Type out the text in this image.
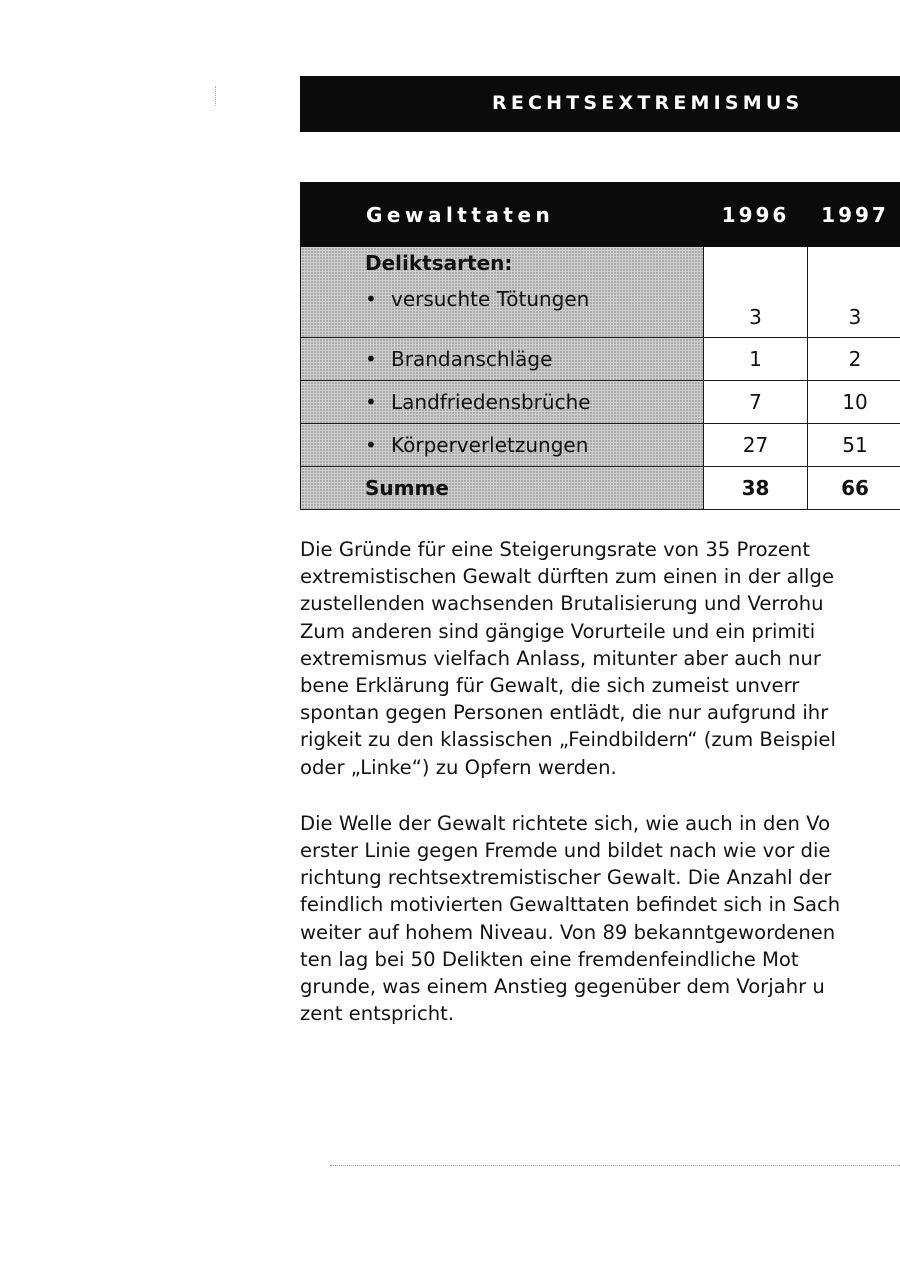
RECHTSEXTREMISMUS
Gewalttaten	1996	1997

Deliktsarten:
• versuchte Tötungen	3	3
• Brandanschläge	1	2
• Landfriedensbrüche	7	10
• Körperverletzungen	27	51
Summe	38	66

Die Gründe für eine Steigerungsrate von 35 Prozent
extremistischen Gewalt dürften zum einen in der allge
zustellenden wachsenden Brutalisierung und Verrohu
Zum anderen sind gängige Vorurteile und ein primiti
extremismus vielfach Anlass, mitunter aber auch nur
bene Erklärung für Gewalt, die sich zumeist unverr
spontan gegen Personen entlädt, die nur aufgrund ihr
rigkeit zu den klassischen „Feindbildern“ (zum Beispiel
oder „Linke“) zu Opfern werden.

Die Welle der Gewalt richtete sich, wie auch in den Vo
erster Linie gegen Fremde und bildet nach wie vor die
richtung rechtsextremistischer Gewalt. Die Anzahl der
feindlich motivierten Gewalttaten befindet sich in Sach
weiter auf hohem Niveau. Von 89 bekanntgewordenen
ten lag bei 50 Delikten eine fremdenfeindliche Mot
grunde, was einem Anstieg gegenüber dem Vorjahr u
zent entspricht.
